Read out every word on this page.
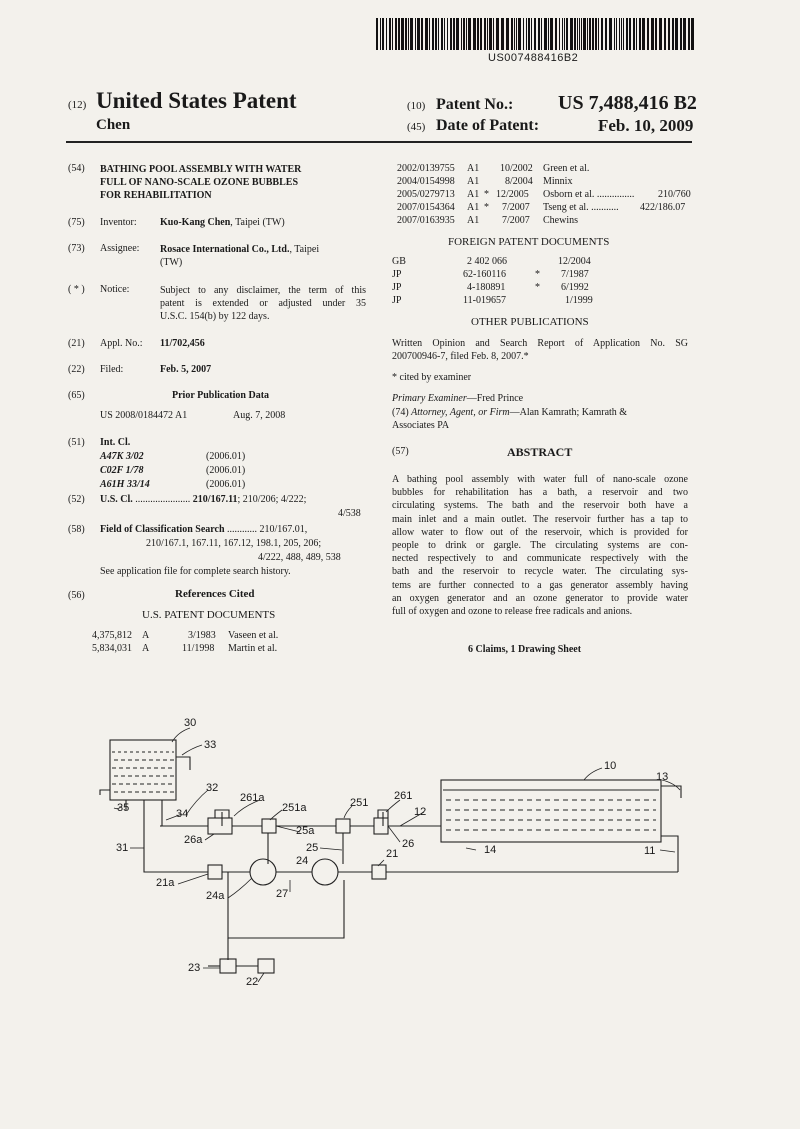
US007488416B2
(12) United States Patent
Chen
(10) Patent No.: US 7,488,416 B2
(45) Date of Patent:	Feb. 10, 2009
(54) BATHING POOL ASSEMBLY WITH WATER
FULL OF NANO-SCALE OZONE BUBBLES
FOR REHABILITATION
(75) Inventor: Kuo-Kang Chen, Taipei (TW)
(73) Assignee: Rosace International Co., Ltd., Taipei
(TW)
( * ) Notice:	Subject to any disclaimer, the term of this
patent is extended or adjusted under 35
U.S.C. 154(b) by 122 days.
(21) Appl. No.: 11/702,456
(22) Filed:	Feb. 5, 2007
(65)	Prior Publication Data
US 2008/0184472 A1	Aug. 7, 2008
(51) Int. Cl.
A47K 3/02	(2006.01)
C02F 1/78	(2006.01)
A61H 33/14	(2006.01)
(52) U.S. Cl. ...................... 210/167.11; 210/206; 4/222;
4/538
(58) Field of Classification Search ............ 210/167.01,
210/167.1, 167.11, 167.12, 198.1, 205, 206;
4/222, 488, 489, 538
See application file for complete search history.
(56)	References Cited
U.S. PATENT DOCUMENTS
4,375,812 A	3/1983 Vaseen et al.
5,834,031 A	11/1998 Martin et al.
2002/0139755 A1 10/2002 Green et al.
2004/0154998 A1	8/2004 Minnix
2005/0279713 A1 * 12/2005 Osborn et al. ............... 210/760
2007/0154364 A1 * 7/2007 Tseng et al. ........... 422/186.07
2007/0163935 A1 7/2007 Chewins
FOREIGN PATENT DOCUMENTS
GB	2 402 066	12/2004
JP	62-160116	* 7/1987
JP	4-180891	* 6/1992
JP	11-019657	1/1999
OTHER PUBLICATIONS
Written Opinion and Search Report of Application No. SG
200700946-7, filed Feb. 8, 2007.*
* cited by examiner
Primary Examiner—Fred Prince
(74) Attorney, Agent, or Firm—Alan Kamrath; Kamrath &
Associates PA
(57)	ABSTRACT
A bathing pool assembly with water full of nano-scale ozone
bubbles for rehabilitation has a bath, a reservoir and two
circulating systems. The bath and the reservoir both have a
main inlet and a main outlet. The reservoir further has a tap to
allow water to flow out of the reservoir, which is provided for
people to drink or gargle. The circulating systems are con-
nected respectively to and communicate respectively with the
bath and the reservoir to recycle water. The circulating sys-
tems are further connected to a gas generator assembly having
an oxygen generator and an ozone generator to provide water
full of oxygen and ozone to release free radicals and anions.
6 Claims, 1 Drawing Sheet
30
33
32
35	34
261a
251a	251
261
12
10
13
25a
25	26
26a
31
21a
24a	27
24
21	14	11
23
22
